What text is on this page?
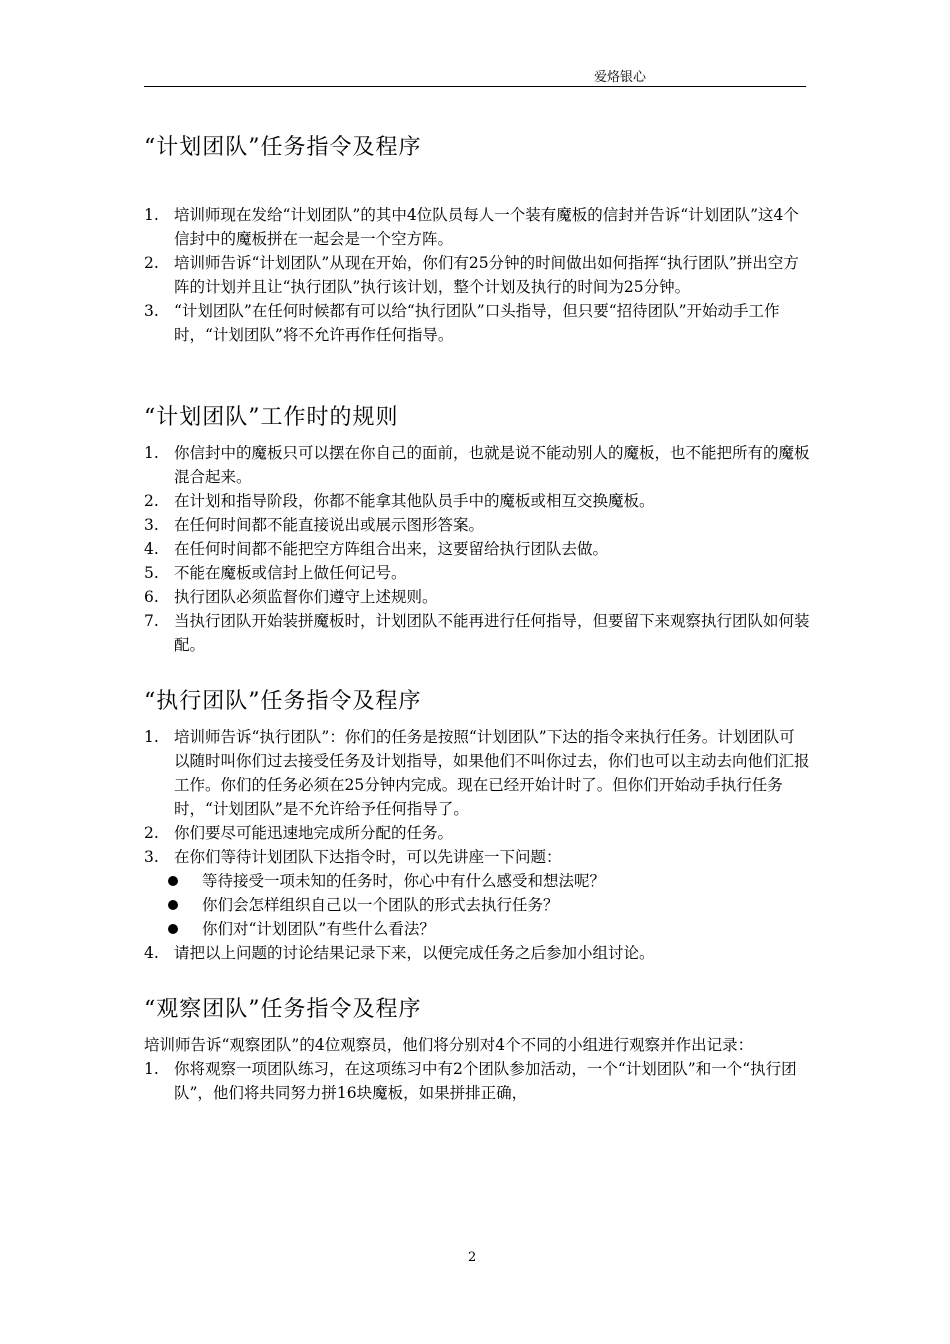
爱烙银心
“计划团队”任务指令及程序
1. 培训师现在发给“计划团队”的其中4位队员每人一个装有魔板的信封并告诉“计划团队”这4个信封中的魔板拼在一起会是一个空方阵。
2. 培训师告诉“计划团队”从现在开始，你们有25分钟的时间做出如何指挥“执行团队”拼出空方阵的计划并且让“执行团队”执行该计划，整个计划及执行的时间为25分钟。
3. “计划团队”在任何时候都有可以给“执行团队”口头指导，但只要“招待团队”开始动手工作时，“计划团队”将不允许再作任何指导。
“计划团队”工作时的规则
1. 你信封中的魔板只可以摆在你自己的面前，也就是说不能动别人的魔板，也不能把所有的魔板混合起来。
2. 在计划和指导阶段，你都不能拿其他队员手中的魔板或相互交换魔板。
3. 在任何时间都不能直接说出或展示图形答案。
4. 在任何时间都不能把空方阵组合出来，这要留给执行团队去做。
5. 不能在魔板或信封上做任何记号。
6. 执行团队必须监督你们遵守上述规则。
7. 当执行团队开始装拼魔板时，计划团队不能再进行任何指导，但要留下来观察执行团队如何装配。
“执行团队”任务指令及程序
1. 培训师告诉“执行团队”：你们的任务是按照“计划团队”下达的指令来执行任务。计划团队可以随时叫你们过去接受任务及计划指导，如果他们不叫你过去，你们也可以主动去向他们汇报工作。你们的任务必须在25分钟内完成。现在已经开始计时了。但你们开始动手执行任务时，“计划团队”是不允许给予任何指导了。
2. 你们要尽可能迅速地完成所分配的任务。
3. 在你们等待计划团队下达指令时，可以先讲座一下问题：
等待接受一项未知的任务时，你心中有什么感受和想法呢？
你们会怎样组织自己以一个团队的形式去执行任务？
你们对“计划团队”有些什么看法？
4. 请把以上问题的讨论结果记录下来，以便完成任务之后参加小组讨论。
“观察团队”任务指令及程序

培训师告诉“观察团队”的4位观察员，他们将分别对4个不同的小组进行观察并作出记录：

1. 你将观察一项团队练习，在这项练习中有2个团队参加活动，一个“计划团队”和一个“执行团队”，他们将共同努力拼16块魔板，如果拼排正确，
2
